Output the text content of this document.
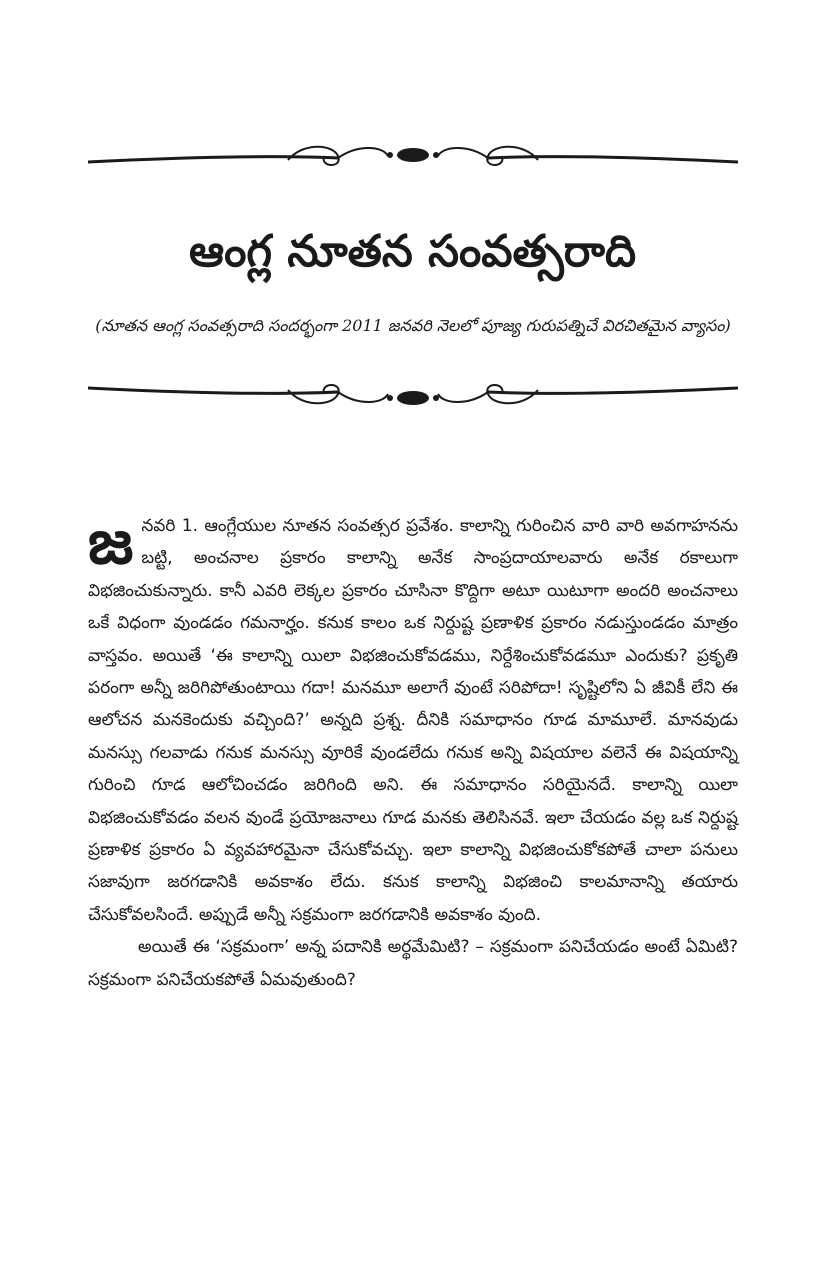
ఆంగ్ల నూతన సంవత్సరాది

(నూతన ఆంగ్ల సంవత్సరాది సందర్భంగా 2011 జనవరి నెలలో పూజ్య గురుపత్నిచే విరచితమైన వ్యాసం)

జనవరి 1. ఆంగ్లేయుల నూతన సంవత్సర ప్రవేశం. కాలాన్ని గురించిన వారి వారి అవగాహనను బట్టి, అంచనాల ప్రకారం కాలాన్ని అనేక సాంప్రదాయాలవారు అనేక రకాలుగా విభజించుకున్నారు. కానీ ఎవరి లెక్కల ప్రకారం చూసినా కొద్దిగా అటూ యిటూగా అందరి అంచనాలు ఒకే విధంగా వుండడం గమనార్హం. కనుక కాలం ఒక నిర్దుష్ట ప్రణాళిక ప్రకారం నడుస్తుండడం మాత్రం వాస్తవం. అయితే ‘ఈ కాలాన్ని యిలా విభజించుకోవడము, నిర్దేశించుకోవడమూ ఎందుకు? ప్రకృతి పరంగా అన్నీ జరిగిపోతుంటాయి గదా! మనమూ అలాగే వుంటే సరిపోదా! సృష్టిలోని ఏ జీవికీ లేని ఈ ఆలోచన మనకెందుకు వచ్చింది?’ అన్నది ప్రశ్న. దీనికి సమాధానం గూడ మామూలే. మానవుడు మనస్సు గలవాడు గనుక మనస్సు వూరికే వుండలేదు గనుక అన్ని విషయాల వలెనే ఈ విషయాన్ని గురించి గూడ ఆలోచించడం జరిగింది అని. ఈ సమాధానం సరియైనదే. కాలాన్ని యిలా విభజించుకోవడం వలన వుండే ప్రయోజనాలు గూడ మనకు తెలిసినవే. ఇలా చేయడం వల్ల ఒక నిర్దుష్ట ప్రణాళిక ప్రకారం ఏ వ్యవహారమైనా చేసుకోవచ్చు. ఇలా కాలాన్ని విభజించుకోకపోతే చాలా పనులు సజావుగా జరగడానికి అవకాశం లేదు. కనుక కాలాన్ని విభజించి కాలమానాన్ని తయారు చేసుకోవలసిందే. అప్పుడే అన్నీ సక్రమంగా జరగడానికి అవకాశం వుంది.

అయితే ఈ ‘సక్రమంగా’ అన్న పదానికి అర్థమేమిటి? – సక్రమంగా పనిచేయడం అంటే ఏమిటి? సక్రమంగా పనిచేయకపోతే ఏమవుతుంది?
